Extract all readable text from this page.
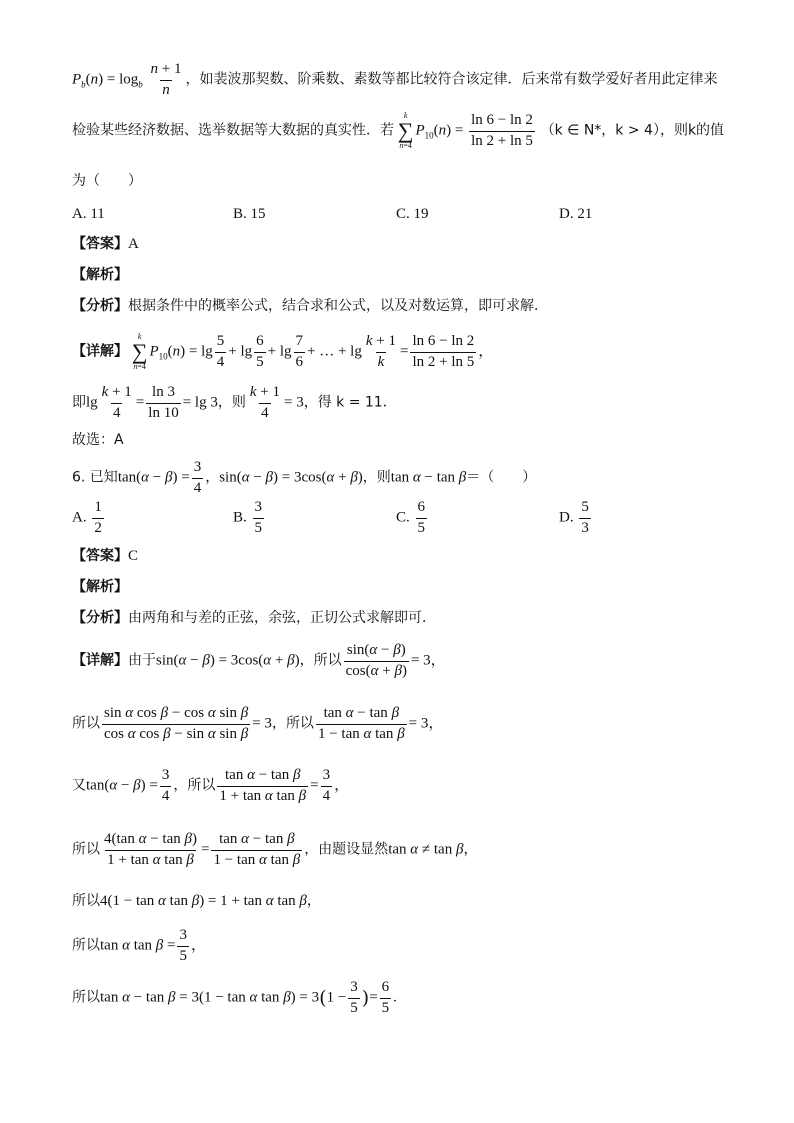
$P_b(n) = \log_b \frac{n + 1}{n}$ ，如裴波那契数、阶乘数、素数等都比较符合该定律．后来常有数学爱好者用此定律来
检验某些经济数据、选举数据等大数据的真实性．若
k
∑
n=4
$P_{10}(n) = \frac{\ln 6 - \ln 2}{\ln 2 + \ln 5} (k$ ∈ N*，k > 4），则k的值
为（　　）
A. 11	B. 15	C. 19	D. 21
【答案】A
【解析】
【分析】根据条件中的概率公式，结合求和公式，以及对数运算，即可求解．
【详解】
k
∑
n=4
$P_{10}(n) = \lg \frac{5}{4} + \lg \frac{6}{5} + \lg \frac{7}{6}$ + … + $\lg \frac{k + 1}{k} = \frac{\ln 6 - \ln 2}{\ln 2 + \ln 5}$ ，
即$\lg \frac{k + 1}{4} = \frac{\ln 3}{\ln 10} = \lg 3$，则 $\frac{k + 1}{4} = 3$，得 k = 11．
故选：A
6. 已知$\tan(\alpha - \beta) = \frac{3}{4}$ ，sin(α − β) = 3cos(α + β)，则tan α − tan β＝（　　）
A. $\frac{1}{2}$	B. $\frac{3}{5}$	C. $\frac{6}{5}$	D. $\frac{5}{3}$
【答案】C
【解析】
【分析】由两角和与差的正弦，余弦，正切公式求解即可．
【详解】由于sin(α − β) = 3cos(α + β)，所以 $\frac{\sin(\alpha - \beta)}{\cos(\alpha + \beta)} = 3$，
所以 $\frac{\text{sin α cos β − cos α sin β}}{\text{cos α cos β − sin α sin β}} = 3$，所以 $\frac{\text{tan α − tan β}}{\text{1 − tan α tan β}} = 3$，
又$\tan(\alpha - \beta) = \frac{3}{4}$ ，所以 $\frac{\text{tan α − tan β}}{\text{1 + tan α tan β}} = \frac{3}{4}$ ，
所以 $\frac{\text{4(tan α − tan β)}}{\text{1 + tan α tan β}} = \frac{\text{tan α − tan β}}{\text{1 − tan α tan β}}$ ，由题设显然tan α ≠ tan β，
所以4(1 − tan α tan β) = 1 + tan α tan β，
所以tan α $\tan \beta = \frac{3}{5}$ ，
所以tan α − tan β = 3(1 − tan α $\tan \beta) = 3(1 - \frac{3}{5}$ )= $\frac{6}{5}$ .
